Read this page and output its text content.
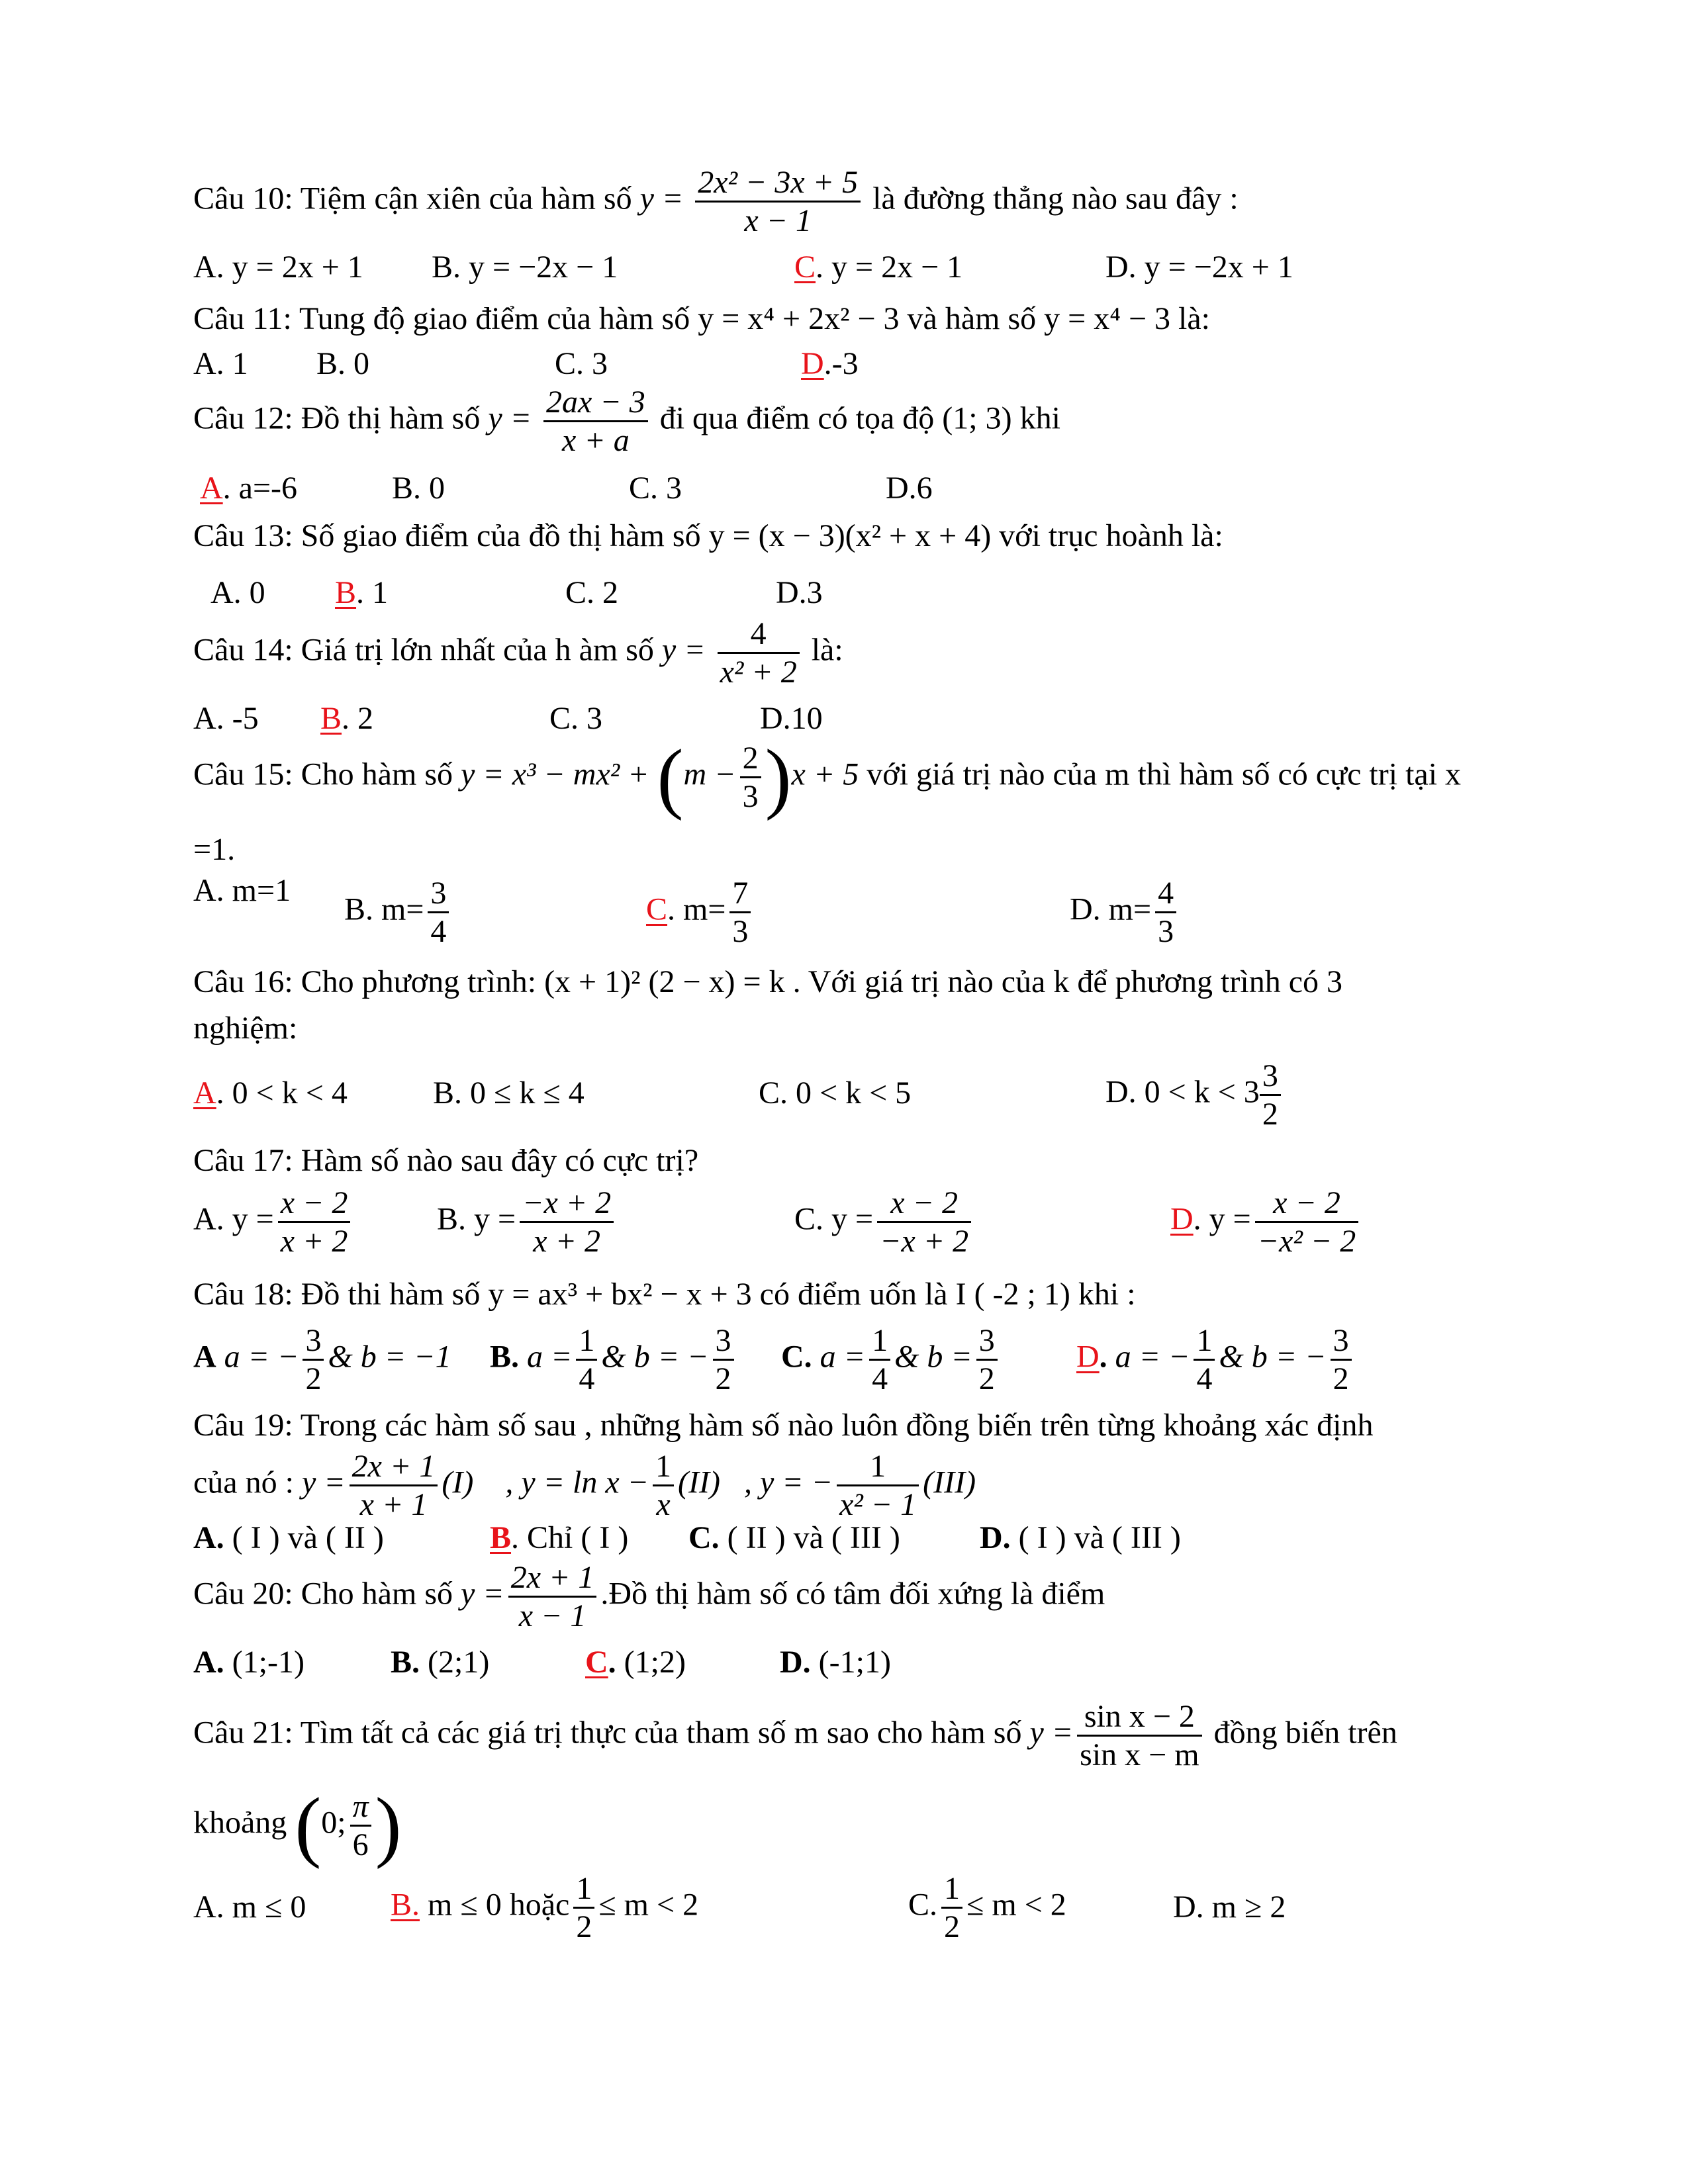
Câu 10: Tiệm cận xiên của hàm số $y = \frac{\text{2x² − 3x + 5}}{x - 1}$ là đường thẳng nào sau đây :
A. y = 2x + 1 B. y = −2x − 1	C. y = 2x − 1	D. y = −2x + 1
Câu 11: Tung độ giao điểm của hàm số y = x⁴ + 2x² − 3 và hàm số y = x⁴ − 3 là:
A. 1 B. 0	C. 3	D.-3
Câu 12: Đồ thị hàm số $y = \frac{2ax - 3}{x + a}$ đi qua điểm có tọa độ (1; 3) khi
A. a=-6	B. 0	C. 3	D.6
Câu 13: Số giao điểm của đồ thị hàm số y = (x − 3)(x² + x + 4) với trục hoành là:
A. 0 B. 1	C. 2	D.3
Câu 14: Giá trị lớn nhất của h àm số $y = \frac{4}{\text{x² + 2}}$ là:
A. -5 B. 2	C. 3	D.10
Câu 15: Cho hàm số $y = x^3 - mx^2 + (m - \frac{2}{3} )x + 5$ với giá trị nào của m thì hàm số có cực trị tại x
=1.
A. m=1
B. $m= \frac{3}{4}$	C. $m= \frac{7}{3}$	D. $m= \frac{4}{3}$
Câu 16: Cho phương trình: (x + 1)² (2 − x) = k . Với giá trị nào của k để phương trình có 3
nghiệm:
A. 0 < k < 4	B. 0 ≤ k ≤ 4	C. 0 < k < 5	D. $0 < k < 3 \frac{3}{2}$
Câu 17: Hàm số nào sau đây có cực trị?
A. $y = \frac{x - 2}{x + 2}$	B. $y = \frac{-x + 2}{x + 2}$	C. $y = \frac{x - 2}{-x + 2}$	D. $y = \frac{x - 2}{\text{−x² − 2}}$
Câu 18: Đồ thi hàm số y = ax³ + bx² − x + 3 có điểm uốn là I ( -2 ; 1) khi :
A a = − $\frac{3}{2}$ & b = −1 B. $a = \frac{1}{4}$ & b = − $\frac{3}{2} C$. $a = \frac{1}{4}$ & $b = \frac{3}{2} D$. a = − $\frac{1}{4}$ & b = − $\frac{3}{2}$
Câu 19: Trong các hàm số sau , những hàm số nào luôn đồng biến trên từng khoảng xác định
của nó : $y = \frac{2x + 1}{x + 1} (I)$ , $y = \ln x - \frac{1}{x} (II)$ , y = − $\frac{1}{\text{x² − 1}} (III)$
A. ( I ) và ( II )	B. Chỉ ( I ) C. ( II ) và ( III )	D. ( I ) và ( III )
Câu 20: Cho hàm số $y = \frac{2x + 1}{x - 1}$ .Đồ thị hàm số có tâm đối xứng là điểm
A. (1;-1)	B. (2;1)	C. (1;2)	D. (-1;1)
Câu 21: Tìm tất cả các giá trị thực của tham số m sao cho hàm số $y = \frac{\text{sin x − 2}}{\text{sin x − m}}$ đồng biến trên
khoảng (0; $\frac{\pi}{6}$ )
A. m ≤ 0	B. m ≤ 0 hoặc $\frac{1}{2} \le m < 2$	C. $\frac{1}{2} \le m < 2$	D. m ≥ 2
